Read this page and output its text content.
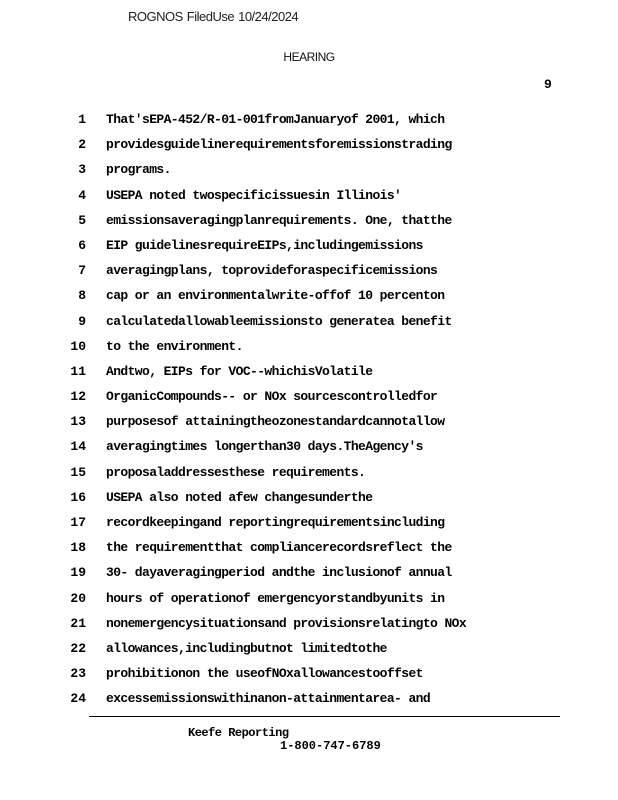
ROGNOS FiledUse 10/24/2024
HEARING
9
1 That'sEPA-452/R-01-001fromJanuaryof 2001, which
2 providesguidelinerequirementsforemissionstrading
3 programs.
4 USEPA noted twospecificissuesin Illinois'
5 emissionsaveragingplanrequirements. One, thatthe
6 EIP guidelinesrequireEIPs,includingemissions
7 averagingplans, toprovideforaspecificemissions
8 cap or an environmentalwrite-offof 10 percenton
9 calculatedallowableemissionsto generatea benefit
10 to the environment.
11 Andtwo, EIPs for VOC--whichisVolatile
12 OrganicCompounds-- or NOx sourcescontrolledfor
13 purposesof attainingtheozonestandardcannotallow
14 averagingtimes longerthan30 days.TheAgency's
15 proposaladdressesthese requirements.
16 USEPA also noted afew changesunderthe
17 recordkeepingand reportingrequirementsincluding
18 the requirementthat compliancerecordsreflect the
19 30- dayaveragingperiod andthe inclusionof annual
20 hours of operationof emergencyorstandbyunits in
21 nonemergencysituationsand provisionsrelatingto NOx
22 allowances,includingbutnot limitedtothe
23 prohibitionon the useofNOxallowancestooffset
24 excessemissionswithinanon-attainmentarea- and
Keefe Reporting
1-800-747-6789
